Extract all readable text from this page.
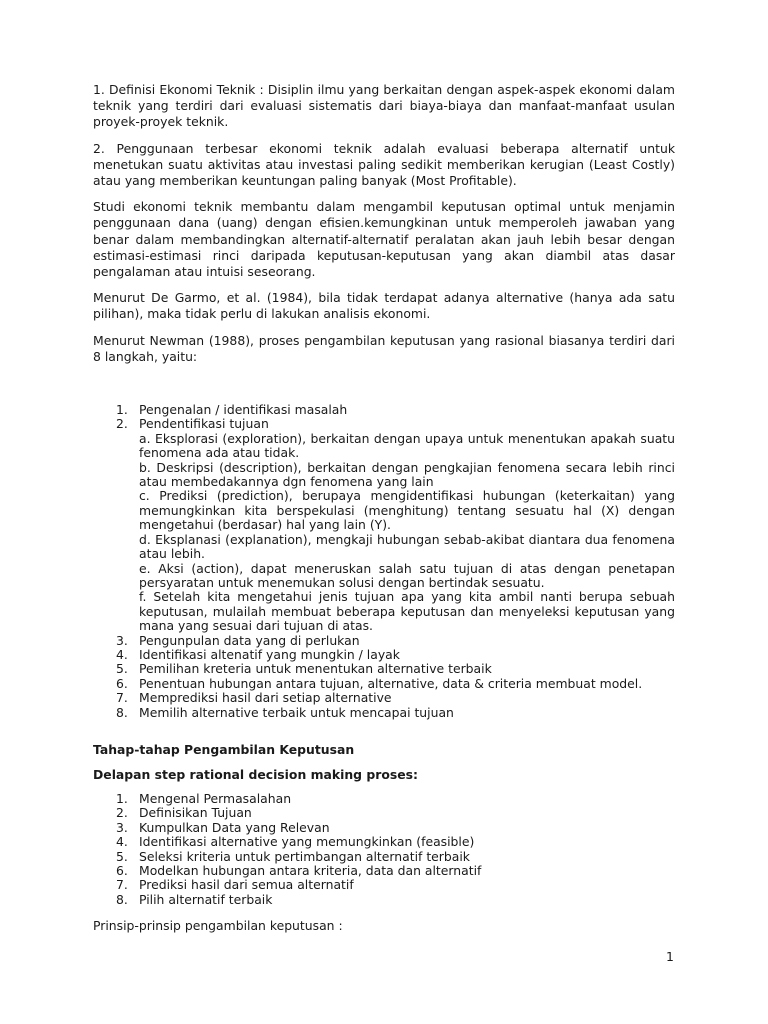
1. Definisi Ekonomi Teknik : Disiplin ilmu yang berkaitan dengan aspek-aspek ekonomi dalam teknik yang terdiri dari evaluasi sistematis dari biaya-biaya dan manfaat-manfaat usulan proyek-proyek teknik.

2. Penggunaan terbesar ekonomi teknik adalah evaluasi beberapa alternatif untuk menetukan suatu aktivitas atau investasi paling sedikit memberikan kerugian (Least Costly) atau yang memberikan keuntungan paling banyak (Most Profitable).

Studi ekonomi teknik membantu dalam mengambil keputusan optimal untuk menjamin penggunaan dana (uang) dengan efisien.kemungkinan untuk memperoleh jawaban yang benar dalam membandingkan alternatif-alternatif peralatan akan jauh lebih besar dengan estimasi-estimasi rinci daripada keputusan-keputusan yang akan diambil atas dasar pengalaman atau intuisi seseorang.

Menurut De Garmo, et al. (1984), bila tidak terdapat adanya alternative (hanya ada satu pilihan), maka tidak perlu di lakukan analisis ekonomi.

Menurut Newman (1988), proses pengambilan keputusan yang rasional biasanya terdiri dari 8 langkah, yaitu:

1. Pengenalan / identifikasi masalah
2. Pendentifikasi tujuan

a. Eksplorasi (exploration), berkaitan dengan upaya untuk menentukan apakah suatu fenomena ada atau tidak.

b. Deskripsi (description), berkaitan dengan pengkajian fenomena secara lebih rinci atau membedakannya dgn fenomena yang lain

c. Prediksi (prediction), berupaya mengidentifikasi hubungan (keterkaitan) yang memungkinkan kita berspekulasi (menghitung) tentang sesuatu hal (X) dengan mengetahui (berdasar) hal yang lain (Y).

d. Eksplanasi (explanation), mengkaji hubungan sebab-akibat diantara dua fenomena atau lebih.

e. Aksi (action), dapat meneruskan salah satu tujuan di atas dengan penetapan persyaratan untuk menemukan solusi dengan bertindak sesuatu.

f. Setelah kita mengetahui jenis tujuan apa yang kita ambil nanti berupa sebuah keputusan, mulailah membuat beberapa keputusan dan menyeleksi keputusan yang mana yang sesuai dari tujuan di atas.

3. Pengunpulan data yang di perlukan
4. Identifikasi altenatif yang mungkin / layak
5. Pemilihan kreteria untuk menentukan alternative terbaik
6. Penentuan hubungan antara tujuan, alternative, data & criteria membuat model.
7. Memprediksi hasil dari setiap alternative
8. Memilih alternative terbaik untuk mencapai tujuan

Tahap-tahap Pengambilan Keputusan

Delapan step rational decision making proses:

1. Mengenal Permasalahan
2. Definisikan Tujuan
3. Kumpulkan Data yang Relevan
4. Identifikasi alternative yang memungkinkan (feasible)
5. Seleksi kriteria untuk pertimbangan alternatif terbaik
6. Modelkan hubungan antara kriteria, data dan alternatif
7. Prediksi hasil dari semua alternatif
8. Pilih alternatif terbaik

Prinsip-prinsip pengambilan keputusan :

1
